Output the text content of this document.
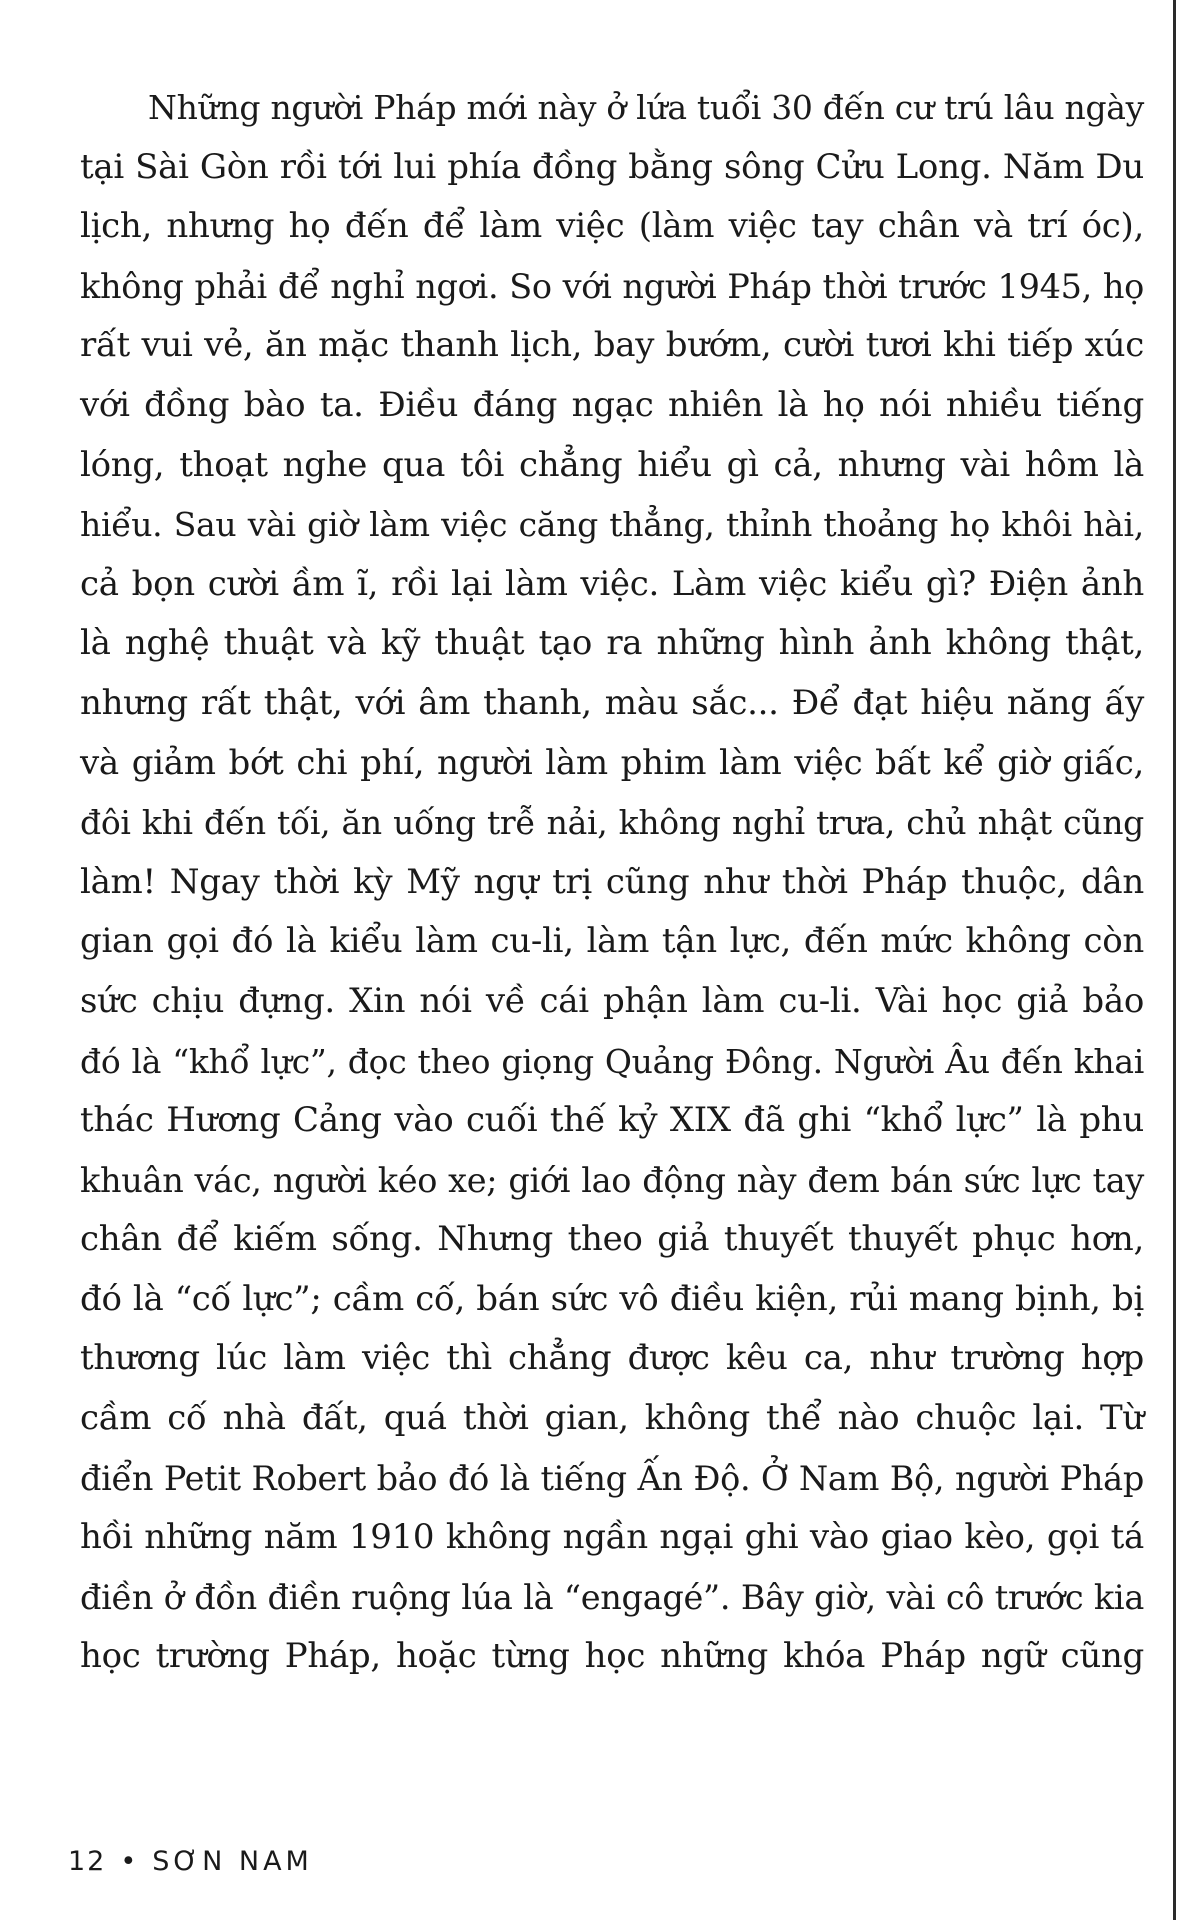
Những người Pháp mới này ở lứa tuổi 30 đến cư trú lâu ngày
tại Sài Gòn rồi tới lui phía đồng bằng sông Cửu Long. Năm Du
lịch, nhưng họ đến để làm việc (làm việc tay chân và trí óc),
không phải để nghỉ ngơi. So với người Pháp thời trước 1945, họ
rất vui vẻ, ăn mặc thanh lịch, bay bướm, cười tươi khi tiếp xúc
với đồng bào ta. Điều đáng ngạc nhiên là họ nói nhiều tiếng
lóng, thoạt nghe qua tôi chẳng hiểu gì cả, nhưng vài hôm là
hiểu. Sau vài giờ làm việc căng thẳng, thỉnh thoảng họ khôi hài,
cả bọn cười ầm ĩ, rồi lại làm việc. Làm việc kiểu gì? Điện ảnh
là nghệ thuật và kỹ thuật tạo ra những hình ảnh không thật,
nhưng rất thật, với âm thanh, màu sắc... Để đạt hiệu năng ấy
và giảm bớt chi phí, người làm phim làm việc bất kể giờ giấc,
đôi khi đến tối, ăn uống trễ nải, không nghỉ trưa, chủ nhật cũng
làm! Ngay thời kỳ Mỹ ngự trị cũng như thời Pháp thuộc, dân
gian gọi đó là kiểu làm cu-li, làm tận lực, đến mức không còn
sức chịu đựng. Xin nói về cái phận làm cu-li. Vài học giả bảo
đó là “khổ lực”, đọc theo giọng Quảng Đông. Người Âu đến khai
thác Hương Cảng vào cuối thế kỷ XIX đã ghi “khổ lực” là phu
khuân vác, người kéo xe; giới lao động này đem bán sức lực tay
chân để kiếm sống. Nhưng theo giả thuyết thuyết phục hơn,
đó là “cố lực”; cầm cố, bán sức vô điều kiện, rủi mang bịnh, bị
thương lúc làm việc thì chẳng được kêu ca, như trường hợp
cầm cố nhà đất, quá thời gian, không thể nào chuộc lại. Từ
điển Petit Robert bảo đó là tiếng Ấn Độ. Ở Nam Bộ, người Pháp
hồi những năm 1910 không ngần ngại ghi vào giao kèo, gọi tá
điền ở đồn điền ruộng lúa là “engagé”. Bây giờ, vài cô trước kia
học trường Pháp, hoặc từng học những khóa Pháp ngữ cũng
12 • SƠN NAM
